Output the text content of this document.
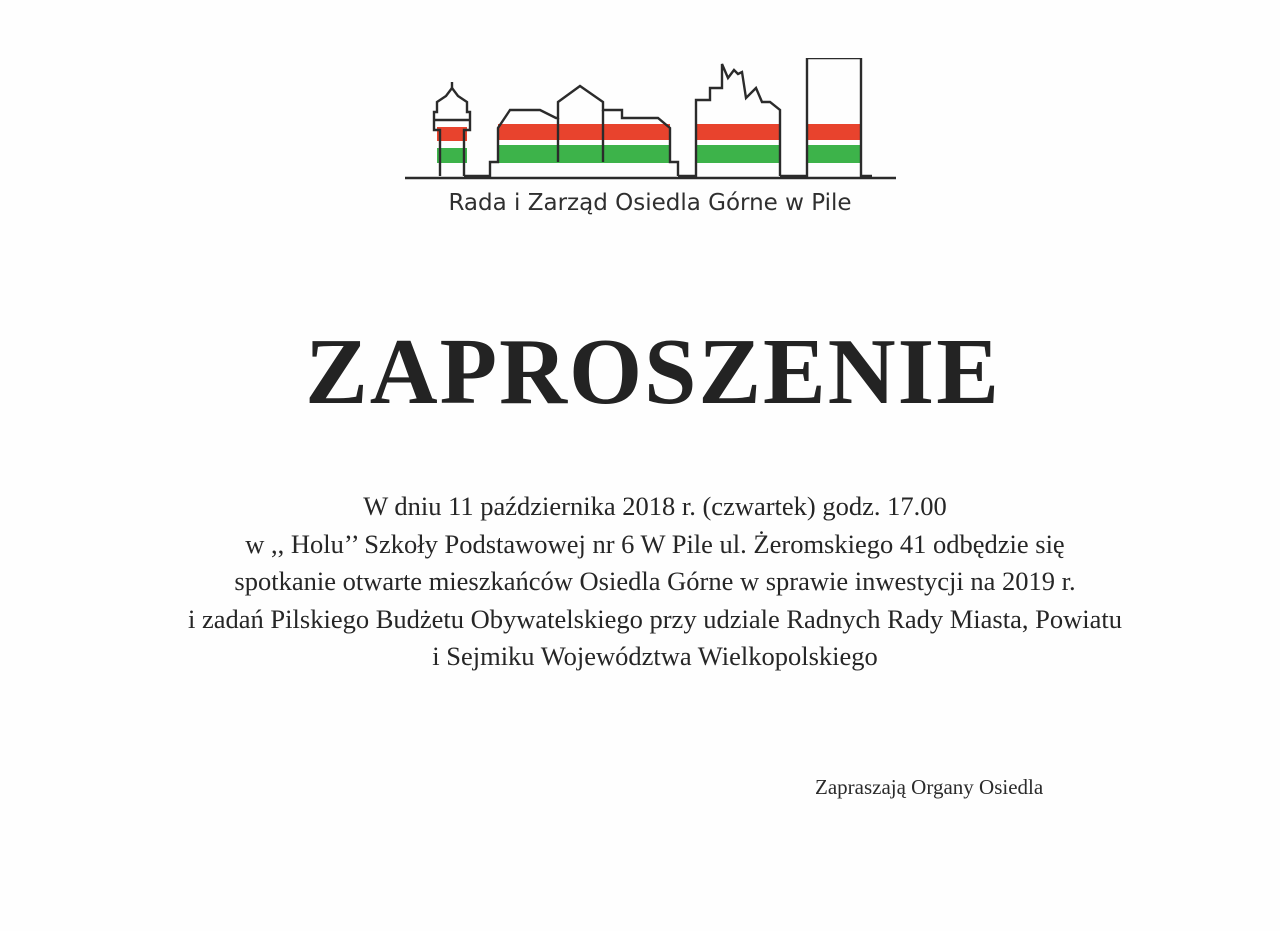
Rada i Zarząd Osiedla Górne w Pile
ZAPROSZENIE
W dniu 11 października 2018 r. (czwartek) godz. 17.00
w ,, Holu’’ Szkoły Podstawowej nr 6 W Pile ul. Żeromskiego 41 odbędzie się
spotkanie otwarte mieszkańców Osiedla Górne w sprawie inwestycji na 2019 r.
i zadań Pilskiego Budżetu Obywatelskiego przy udziale Radnych Rady Miasta, Powiatu
i Sejmiku Województwa Wielkopolskiego
Zapraszają Organy Osiedla
